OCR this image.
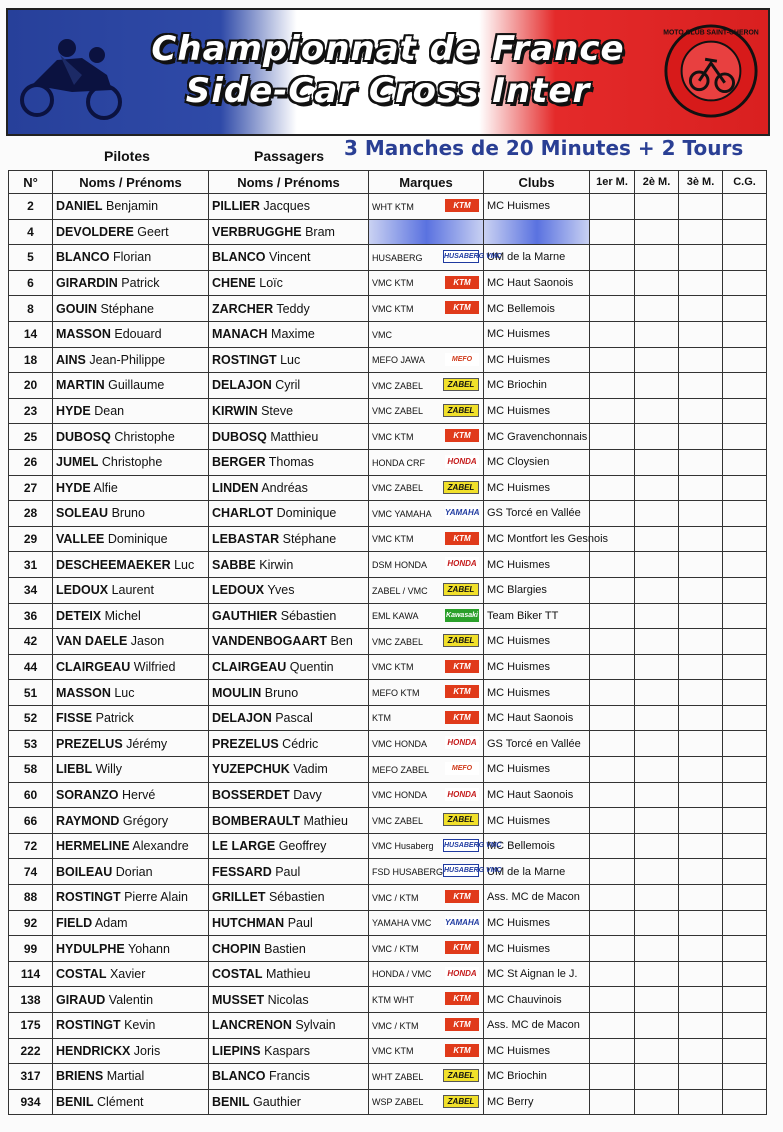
Championnat de France
Side-Car Cross Inter
MOTO CLUB SAINT-CHERON
Pilotes	Passagers 3 Manches de 20 Minutes + 2 Tours
N°	Noms / Prénoms	Noms / Prénoms	Marques	Clubs	1er M.	2è M.	3è M.	C.G.
2	DANIEL Benjamin	PILLIER Jacques	WHT KTM KTM	MC Huismes				
4	DEVOLDERE Geert	VERBRUGGHE Bram						
5	BLANCO Florian	BLANCO Vincent	HUSABERG HUSABERG VMC	UM de la Marne				
6	GIRARDIN Patrick	CHENE Loïc	VMC KTM KTM	MC Haut Saonois				
8	GOUIN Stéphane	ZARCHER Teddy	VMC KTM KTM	MC Bellemois				
14	MASSON Edouard	MANACH Maxime	VMC	MC Huismes				
18	AINS Jean-Philippe	ROSTINGT Luc	MEFO JAWA MEFO	MC Huismes				
20	MARTIN Guillaume	DELAJON Cyril	VMC ZABEL ZABEL	MC Briochin				
23	HYDE Dean	KIRWIN Steve	VMC ZABEL ZABEL	MC Huismes				
25	DUBOSQ Christophe	DUBOSQ Matthieu	VMC KTM KTM	MC Gravenchonnais				
26	JUMEL Christophe	BERGER Thomas	HONDA CRF HONDA	MC Cloysien				
27	HYDE Alfie	LINDEN Andréas	VMC ZABEL ZABEL	MC Huismes				
28	SOLEAU Bruno	CHARLOT Dominique	VMC YAMAHA YAMAHA	GS Torcé en Vallée				
29	VALLEE Dominique	LEBASTAR Stéphane	VMC KTM KTM	MC Montfort les Gesnois				
31	DESCHEEMAEKER Luc	SABBE Kirwin	DSM HONDA HONDA	MC Huismes				
34	LEDOUX Laurent	LEDOUX Yves	ZABEL / VMC ZABEL	MC Blargies				
36	DETEIX Michel	GAUTHIER Sébastien	EML KAWA Kawasaki	Team Biker TT				
42	VAN DAELE Jason	VANDENBOGAART Ben	VMC ZABEL ZABEL	MC Huismes				
44	CLAIRGEAU Wilfried	CLAIRGEAU Quentin	VMC KTM KTM	MC Huismes				
51	MASSON Luc	MOULIN Bruno	MEFO KTM KTM	MC Huismes				
52	FISSE Patrick	DELAJON Pascal	KTM KTM	MC Haut Saonois				
53	PREZELUS Jérémy	PREZELUS Cédric	VMC HONDA HONDA	GS Torcé en Vallée				
58	LIEBL Willy	YUZEPCHUK Vadim	MEFO ZABEL MEFO	MC Huismes				
60	SORANZO Hervé	BOSSERDET Davy	VMC HONDA HONDA	MC Haut Saonois				
66	RAYMOND Grégory	BOMBERAULT Mathieu	VMC ZABEL ZABEL	MC Huismes				
72	HERMELINE Alexandre	LE LARGE Geoffrey	VMC Husaberg HUSABERG VMC	MC Bellemois				
74	BOILEAU Dorian	FESSARD Paul	FSD HUSABERG HUSABERG VMC	UM de la Marne				
88	ROSTINGT Pierre Alain	GRILLET Sébastien	VMC / KTM KTM	Ass. MC de Macon				
92	FIELD Adam	HUTCHMAN Paul	YAMAHA VMC YAMAHA	MC Huismes				
99	HYDULPHE Yohann	CHOPIN Bastien	VMC / KTM KTM	MC Huismes				
114	COSTAL Xavier	COSTAL Mathieu	HONDA / VMC HONDA	MC St Aignan le J.				
138	GIRAUD Valentin	MUSSET Nicolas	KTM WHT KTM	MC Chauvinois				
175	ROSTINGT Kevin	LANCRENON Sylvain	VMC / KTM KTM	Ass. MC de Macon				
222	HENDRICKX Joris	LIEPINS Kaspars	VMC KTM KTM	MC Huismes				
317	BRIENS Martial	BLANCO Francis	WHT ZABEL ZABEL	MC Briochin				
934	BENIL Clément	BENIL Gauthier	WSP ZABEL ZABEL	MC Berry				
